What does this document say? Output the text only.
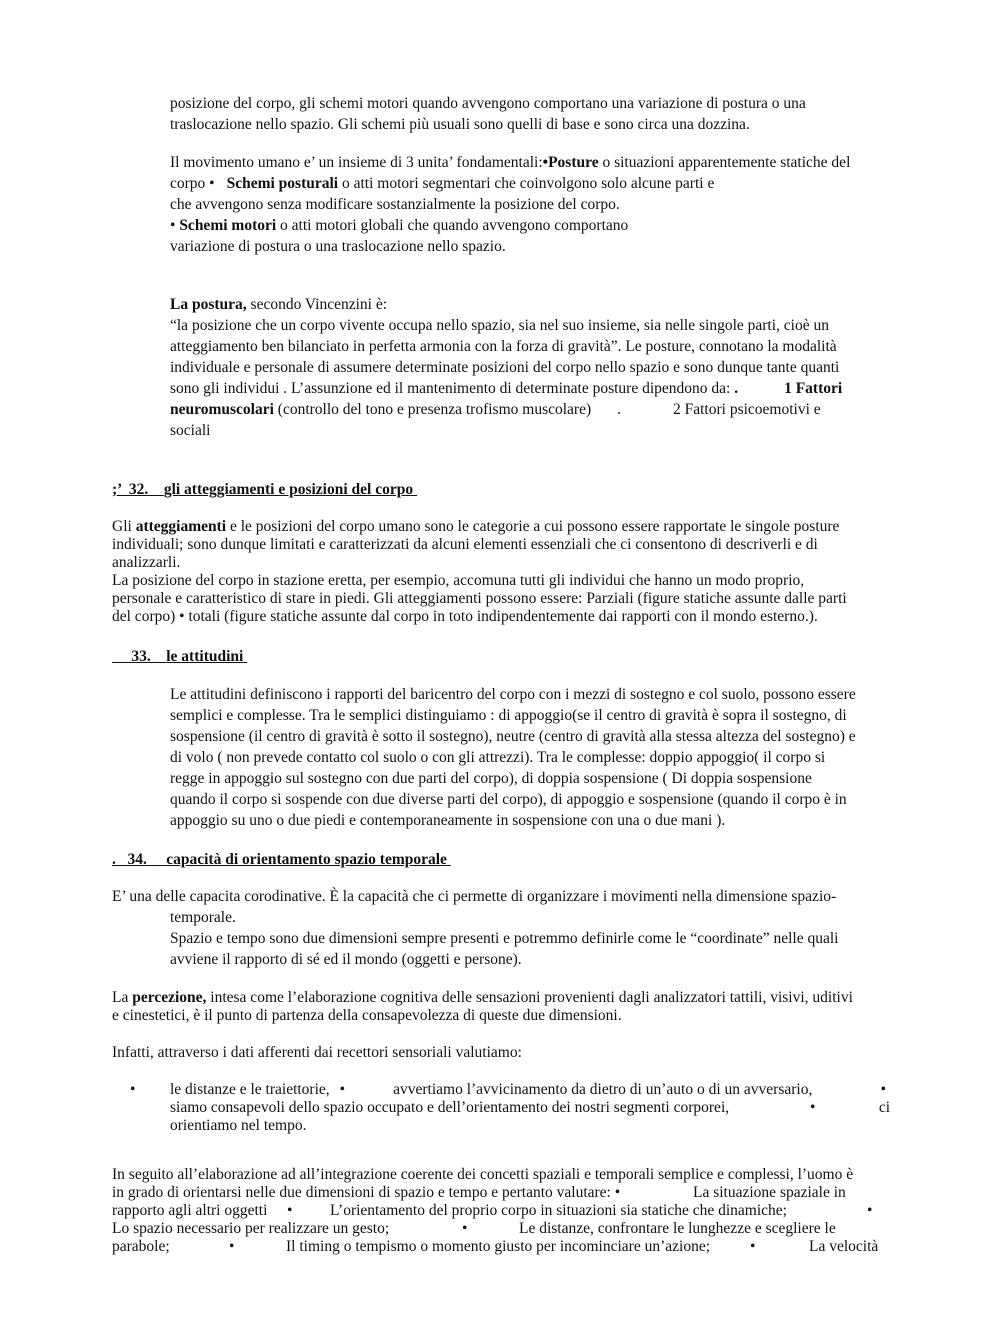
posizione del corpo, gli schemi motori quando avvengono comportano una variazione di postura o una
traslocazione nello spazio. Gli schemi più usuali sono quelli di base e sono circa una dozzina.
Il movimento umano e’ un insieme di 3 unita’ fondamentali:•Posture o situazioni apparentemente statiche del
corpo • Schemi posturali o atti motori segmentari che coinvolgono solo alcune parti e
che avvengono senza modificare sostanzialmente la posizione del corpo.
• Schemi motori o atti motori globali che quando avvengono comportano
variazione di postura o una traslocazione nello spazio.
La postura, secondo Vincenzini è:
“la posizione che un corpo vivente occupa nello spazio, sia nel suo insieme, sia nelle singole parti, cioè un
atteggiamento ben bilanciato in perfetta armonia con la forza di gravità”. Le posture, connotano la modalità
individuale e personale di assumere determinate posizioni del corpo nello spazio e sono dunque tante quanti
sono gli individui . L’assunzione ed il mantenimento di determinate posture dipendono da: .	1 Fattori
neuromuscolari (controllo del tono e presenza trofismo muscolare) .	2 Fattori psicoemotivi e
sociali
;’  32. gli atteggiamenti e posizioni del corpo
Gli atteggiamenti e le posizioni del corpo umano sono le categorie a cui possono essere rapportate le singole posture
individuali; sono dunque limitati e caratterizzati da alcuni elementi essenziali che ci consentono di descriverli e di
analizzarli.
La posizione del corpo in stazione eretta, per esempio, accomuna tutti gli individui che hanno un modo proprio,
personale e caratteristico di stare in piedi. Gli atteggiamenti possono essere: Parziali (figure statiche assunte dalle parti
del corpo) • totali (figure statiche assunte dal corpo in toto indipendentemente dai rapporti con il mondo esterno.).
33. le attitudini
Le attitudini definiscono i rapporti del baricentro del corpo con i mezzi di sostegno e col suolo, possono essere
semplici e complesse. Tra le semplici distinguiamo : di appoggio(se il centro di gravità è sopra il sostegno, di
sospensione (il centro di gravità è sotto il sostegno), neutre (centro di gravità alla stessa altezza del sostegno) e
di volo ( non prevede contatto col suolo o con gli attrezzi). Tra le complesse: doppio appoggio( il corpo si
regge in appoggio sul sostegno con due parti del corpo), di doppia sospensione ( Di doppia sospensione
quando il corpo si sospende con due diverse parti del corpo), di appoggio e sospensione (quando il corpo è in
appoggio su uno o due piedi e contemporaneamente in sospensione con una o due mani ).
.   34. capacità di orientamento spazio temporale
E’ una delle capacita corodinative. È la capacità che ci permette di organizzare i movimenti nella dimensione spazio-
temporale.
Spazio e tempo sono due dimensioni sempre presenti e potremmo definirle come le “coordinate” nelle quali
avviene il rapporto di sé ed il mondo (oggetti e persone).
La percezione, intesa come l’elaborazione cognitiva delle sensazioni provenienti dagli analizzatori tattili, visivi, uditivi
e cinestetici, è il punto di partenza della consapevolezza di queste due dimensioni.
Infatti, attraverso i dati afferenti dai recettori sensoriali valutiamo:
• le distanze e le traiettorie, •	avvertiamo l’avvicinamento da dietro di un’auto o di un avversario,	•
siamo consapevoli dello spazio occupato e dell’orientamento dei nostri segmenti corporei,	•	ci
orientiamo nel tempo.
In seguito all’elaborazione ad all’integrazione coerente dei concetti spaziali e temporali semplice e complessi, l’uomo è
in grado di orientarsi nelle due dimensioni di spazio e tempo e pertanto valutare: •	La situazione spaziale in
rapporto agli altri oggetti • L’orientamento del proprio corpo in situazioni sia statiche che dinamiche;	•
Lo spazio necessario per realizzare un gesto;	•	Le distanze, confrontare le lunghezze e scegliere le
parabole;	•	Il timing o tempismo o momento giusto per incominciare un’azione;	•	La velocità
